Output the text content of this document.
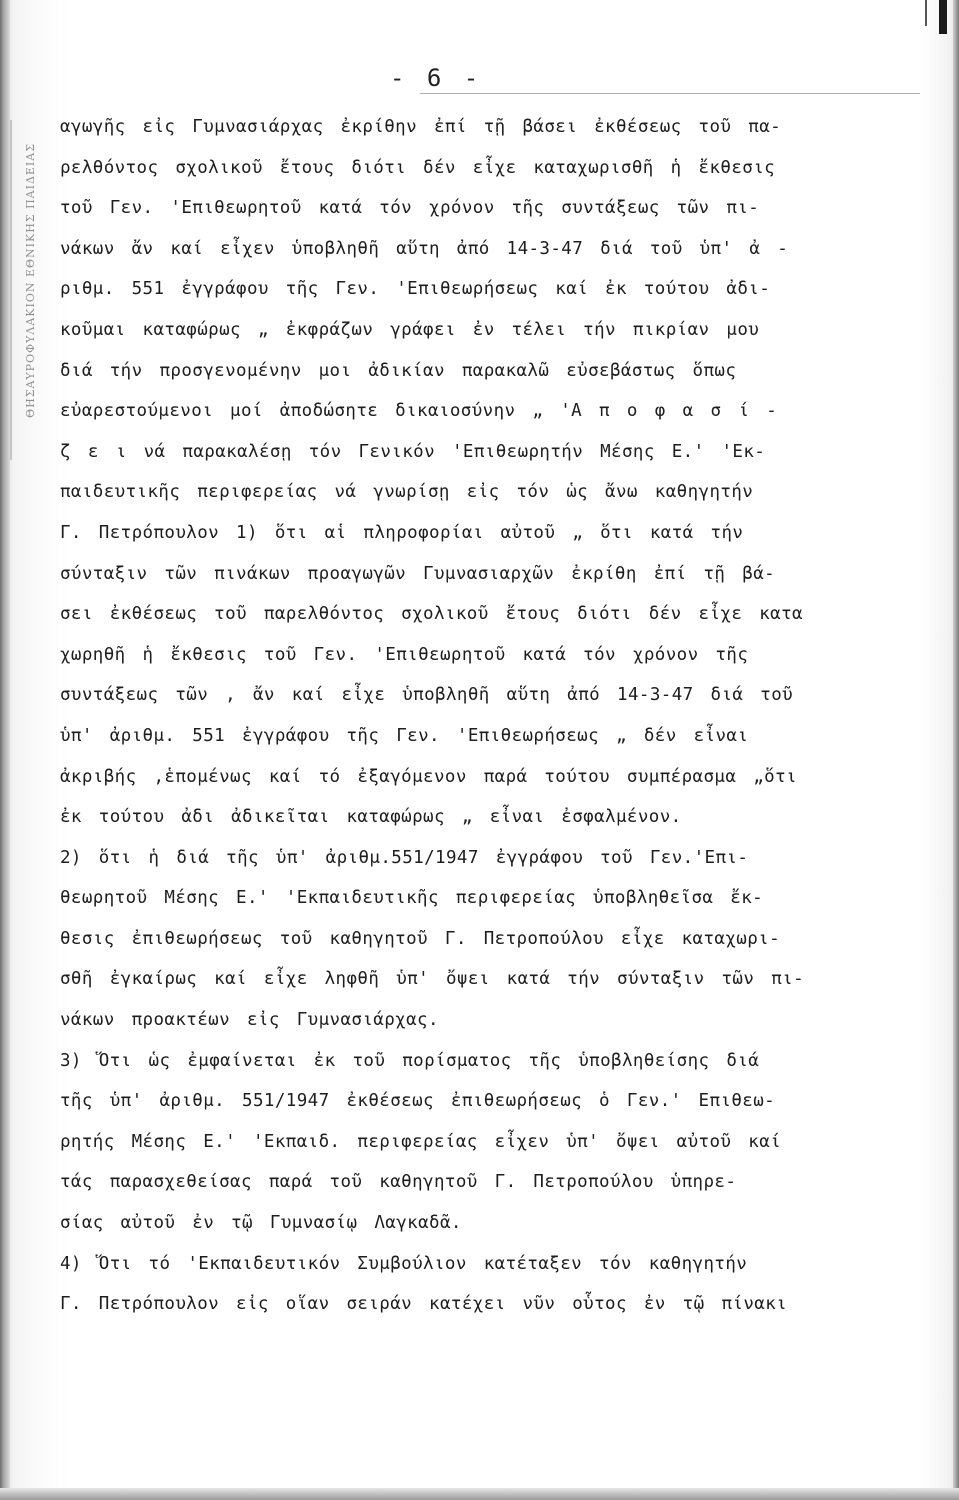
ΘΗΣΑΥΡΟΦΥΛΑΚΙΟΝ ΕΘΝΙΚΗΣ ΠΑΙΔΕΙΑΣ
- 6 -
αγωγῆς εἰς Γυμνασιάρχας ἐκρίθην ἐπί τῇ βάσει ἐκθέσεως τοῦ πα-
ρελθόντος σχολικοῦ ἔτους διότι δέν εἶχε καταχωρισθῆ ἡ ἔκθεσις
τοῦ Γεν. 'Επιθεωρητοῦ κατά τόν χρόνον τῆς συντάξεως τῶν πι-
νάκων ἄν καί εἶχεν ὑποβληθῆ αὕτη ἀπό 14-3-47 διά τοῦ ὑπ' ἀ -
ριθμ. 551 ἐγγράφου τῆς Γεν. 'Επιθεωρήσεως καί ἐκ τούτου ἀδι-
κοῦμαι καταφώρως „ ἐκφράζων γράφει ἐν τέλει τήν πικρίαν μου
διά τήν προσγενομένην μοι ἀδικίαν παρακαλῶ εὐσεβάστως ὅπως
εὐαρεστούμενοι μοί ἀποδώσητε δικαιοσύνην „ 'Α π ο φ α σ ί -
ζ ε ι νά παρακαλέσῃ τόν Γενικόν 'Επιθεωρητήν Μέσης Ε.' 'Εκ-
παιδευτικῆς περιφερείας νά γνωρίσῃ εἰς τόν ὡς ἄνω καθηγητήν
Γ. Πετρόπουλον 1) ὅτι αἱ πληροφορίαι αὐτοῦ „ ὅτι κατά τήν
σύνταξιν τῶν πινάκων προαγωγῶν Γυμνασιαρχῶν ἐκρίθη ἐπί τῇ βά-
σει ἐκθέσεως τοῦ παρελθόντος σχολικοῦ ἔτους διότι δέν εἶχε κατα
χωρηθῆ ἡ ἔκθεσις τοῦ Γεν. 'Επιθεωρητοῦ κατά τόν χρόνον τῆς
συντάξεως τῶν , ἄν καί εἶχε ὑποβληθῆ αὕτη ἀπό 14-3-47 διά τοῦ
ὑπ' ἀριθμ. 551 ἐγγράφου τῆς Γεν. 'Επιθεωρήσεως „ δέν εἶναι
ἀκριβής ,ἑπομένως καί τό ἐξαγόμενον παρά τούτου συμπέρασμα „ὅτι
ἐκ τούτου ἀδι ἀδικεῖται καταφώρως „ εἶναι ἐσφαλμένον.
2) ὅτι ἡ διά τῆς ὑπ' ἀριθμ.551/1947 ἐγγράφου τοῦ Γεν.'Επι-
θεωρητοῦ Μέσης Ε.' 'Εκπαιδευτικῆς περιφερείας ὑποβληθεῖσα ἔκ-
θεσις ἐπιθεωρήσεως τοῦ καθηγητοῦ Γ. Πετροπούλου εἶχε καταχωρι-
σθῆ ἐγκαίρως καί εἶχε ληφθῆ ὑπ' ὄψει κατά τήν σύνταξιν τῶν πι-
νάκων προακτέων εἰς Γυμνασιάρχας.
3) Ὅτι ὡς ἐμφαίνεται ἐκ τοῦ πορίσματος τῆς ὑποβληθείσης διά
τῆς ὑπ' ἀριθμ. 551/1947 ἐκθέσεως ἐπιθεωρήσεως ὁ Γεν.' Επιθεω-
ρητής Μέσης Ε.' 'Εκπαιδ. περιφερείας εἶχεν ὑπ' ὄψει αὐτοῦ καί
τάς παρασχεθείσας παρά τοῦ καθηγητοῦ Γ. Πετροπούλου ὑπηρε-
σίας αὐτοῦ ἐν τῷ Γυμνασίῳ Λαγκαδᾶ.
4) Ὅτι τό 'Εκπαιδευτικόν Συμβούλιον κατέταξεν τόν καθηγητήν
Γ. Πετρόπουλον εἰς οἵαν σειράν κατέχει νῦν οὗτος ἐν τῷ πίνακι
